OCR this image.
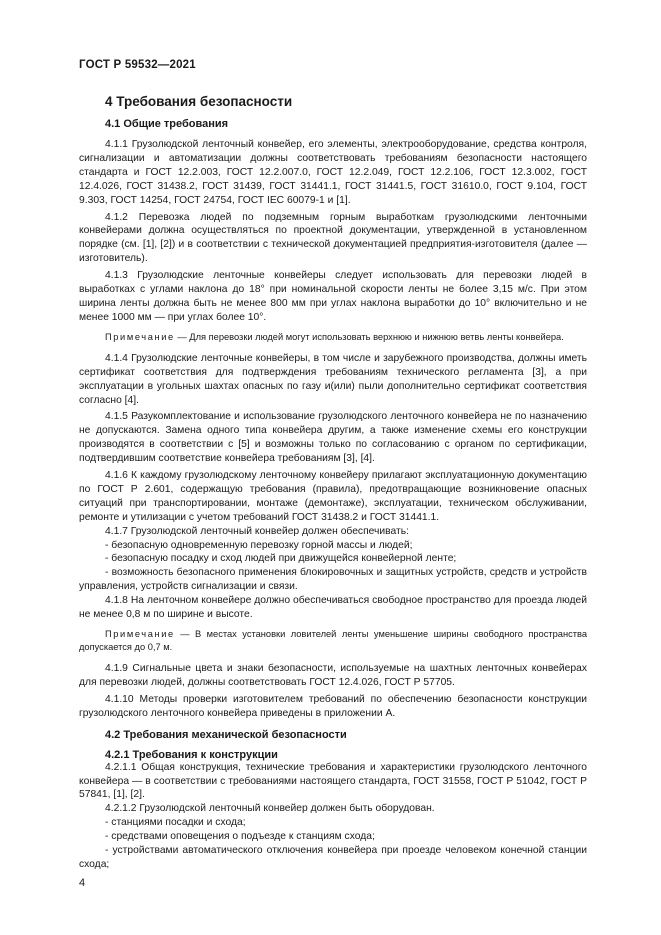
ГОСТ Р 59532—2021
4 Требования безопасности
4.1 Общие требования

4.1.1 Грузолюдской ленточный конвейер, его элементы, электрооборудование, средства контроля, сигнализации и автоматизации должны соответствовать требованиям безопасности настоящего стандарта и ГОСТ 12.2.003, ГОСТ 12.2.007.0, ГОСТ 12.2.049, ГОСТ 12.2.106, ГОСТ 12.3.002, ГОСТ 12.4.026, ГОСТ 31438.2, ГОСТ 31439, ГОСТ 31441.1, ГОСТ 31441.5, ГОСТ 31610.0, ГОСТ 9.104, ГОСТ 9.303, ГОСТ 14254, ГОСТ 24754, ГОСТ IEC 60079-1 и [1].

4.1.2 Перевозка людей по подземным горным выработкам грузолюдскими ленточными конвейерами должна осуществляться по проектной документации, утвержденной в установленном порядке (см. [1], [2]) и в соответствии с технической документацией предприятия-изготовителя (далее — изготовитель).

4.1.3 Грузолюдские ленточные конвейеры следует использовать для перевозки людей в выработках с углами наклона до 18° при номинальной скорости ленты не более 3,15 м/с. При этом ширина ленты должна быть не менее 800 мм при углах наклона выработки до 10° включительно и не менее 1000 мм — при углах более 10°.

Примечание — Для перевозки людей могут использовать верхнюю и нижнюю ветвь ленты конвейера.

4.1.4 Грузолюдские ленточные конвейеры, в том числе и зарубежного производства, должны иметь сертификат соответствия для подтверждения требованиям технического регламента [3], а при эксплуатации в угольных шахтах опасных по газу и(или) пыли дополнительно сертификат соответствия согласно [4].

4.1.5 Разукомплектование и использование грузолюдского ленточного конвейера не по назначению не допускаются. Замена одного типа конвейера другим, а также изменение схемы его конструкции производятся в соответствии с [5] и возможны только по согласованию с органом по сертификации, подтвердившим соответствие конвейера требованиям [3], [4].

4.1.6 К каждому грузолюдскому ленточному конвейеру прилагают эксплуатационную документацию по ГОСТ Р 2.601, содержащую требования (правила), предотвращающие возникновение опасных ситуаций при транспортировании, монтаже (демонтаже), эксплуатации, техническом обслуживании, ремонте и утилизации с учетом требований ГОСТ 31438.2 и ГОСТ 31441.1.

4.1.7 Грузолюдской ленточный конвейер должен обеспечивать:

- безопасную одновременную перевозку горной массы и людей;

- безопасную посадку и сход людей при движущейся конвейерной ленте;

- возможность безопасного применения блокировочных и защитных устройств, средств и устройств управления, устройств сигнализации и связи.

4.1.8 На ленточном конвейере должно обеспечиваться свободное пространство для проезда людей не менее 0,8 м по ширине и высоте.

Примечание — В местах установки ловителей ленты уменьшение ширины свободного пространства допускается до 0,7 м.

4.1.9 Сигнальные цвета и знаки безопасности, используемые на шахтных ленточных конвейерах для перевозки людей, должны соответствовать ГОСТ 12.4.026, ГОСТ Р 57705.

4.1.10 Методы проверки изготовителем требований по обеспечению безопасности конструкции грузолюдского ленточного конвейера приведены в приложении А.

4.2 Требования механической безопасности
4.2.1 Требования к конструкции

4.2.1.1 Общая конструкция, технические требования и характеристики грузолюдского ленточного конвейера — в соответствии с требованиями настоящего стандарта, ГОСТ 31558, ГОСТ Р 51042, ГОСТ Р 57841, [1], [2].

4.2.1.2 Грузолюдской ленточный конвейер должен быть оборудован.

- станциями посадки и схода;

- средствами оповещения о подъезде к станциям схода;

- устройствами автоматического отключения конвейера при проезде человеком конечной станции схода;

4
